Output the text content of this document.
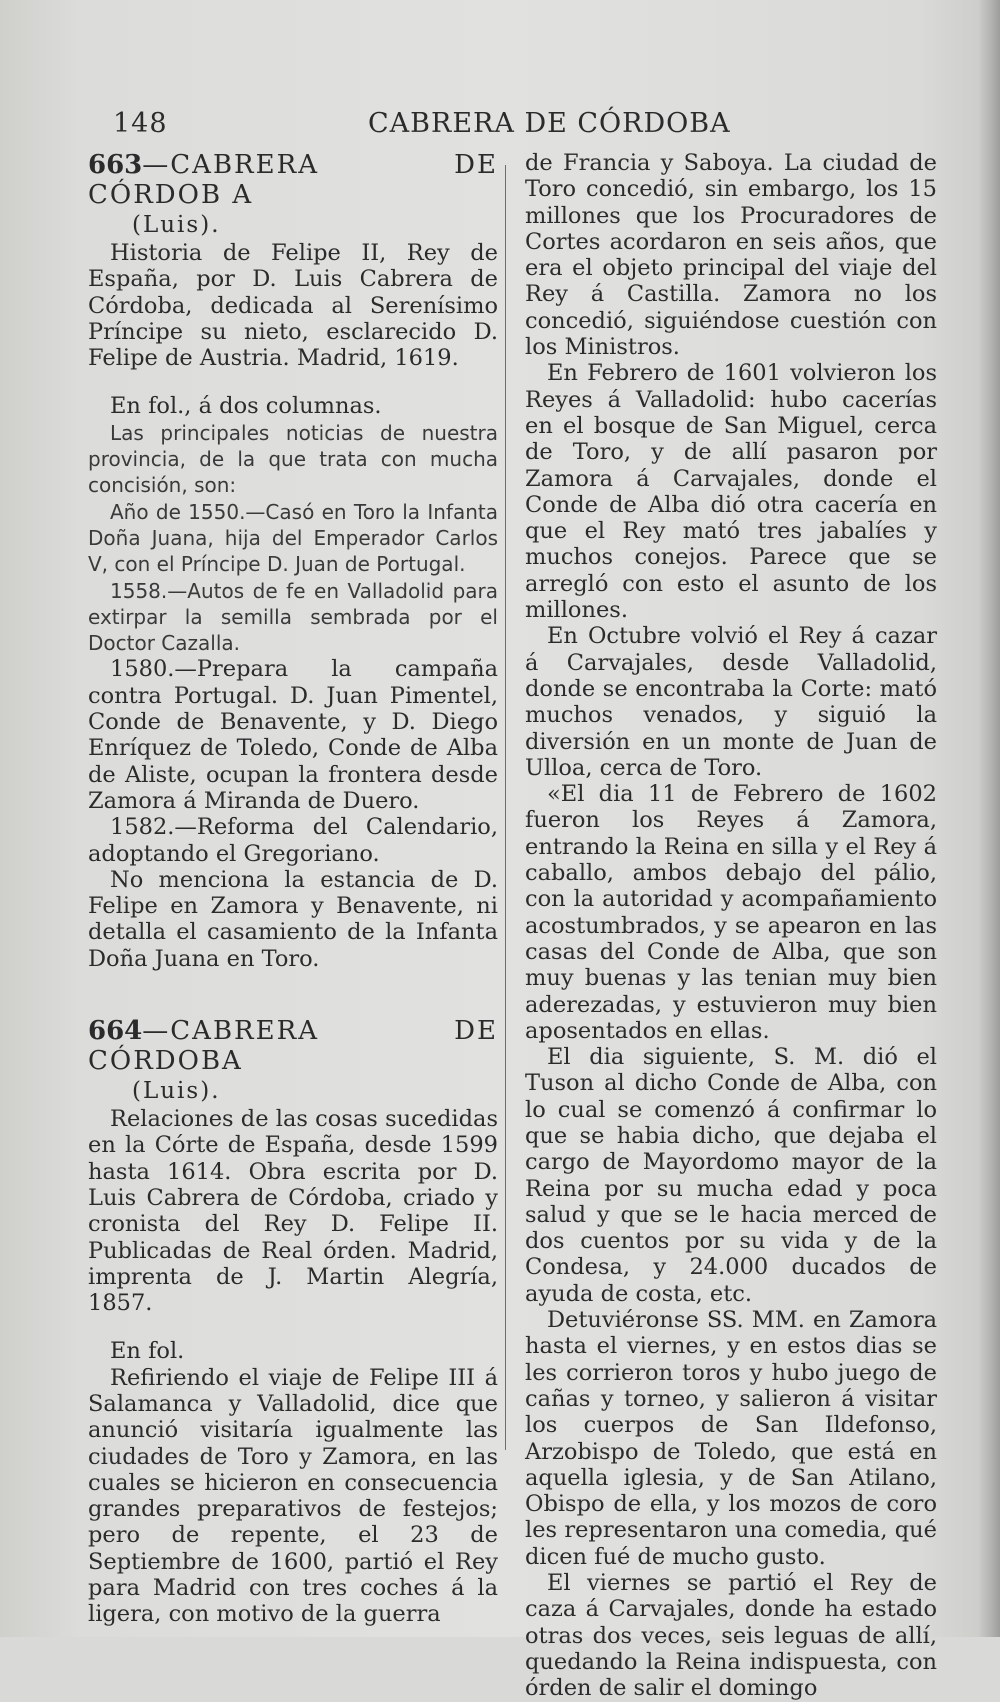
148	CABRERA DE CÓRDOBA
663—CABRERA DE CÓRDOB A
(Luis).

Historia de Felipe II, Rey de España, por D. Luis Cabrera de Córdoba, dedicada al Serenísimo Príncipe su nieto, esclarecido D. Felipe de Austria. Madrid, 1619.

En fol., á dos columnas.

Las principales noticias de nuestra provincia, de la que trata con mucha concisión, son:

Año de 1550.—Casó en Toro la Infanta Doña Juana, hija del Emperador Carlos V, con el Príncipe D. Juan de Portugal.

1558.—Autos de fe en Valladolid para extirpar la semilla sembrada por el Doctor Cazalla.

1580.—Prepara la campaña contra Portugal. D. Juan Pimentel, Conde de Benavente, y D. Diego Enríquez de Toledo, Conde de Alba de Aliste, ocupan la frontera desde Zamora á Miranda de Duero.

1582.—Reforma del Calendario, adoptando el Gregoriano.

No menciona la estancia de D. Felipe en Zamora y Benavente, ni detalla el casamiento de la Infanta Doña Juana en Toro.

664—CABRERA DE CÓRDOBA
(Luis).

Relaciones de las cosas sucedidas en la Córte de España, desde 1599 hasta 1614. Obra escrita por D. Luis Cabrera de Córdoba, criado y cronista del Rey D. Felipe II. Publicadas de Real órden. Madrid, imprenta de J. Martin Alegría, 1857.

En fol.

Refiriendo el viaje de Felipe III á Salamanca y Valladolid, dice que anunció visitaría igualmente las ciudades de Toro y Zamora, en las cuales se hicieron en consecuencia grandes preparativos de festejos; pero de repente, el 23 de Septiembre de 1600, partió el Rey para Madrid con tres coches á la ligera, con motivo de la guerra

de Francia y Saboya. La ciudad de Toro concedió, sin embargo, los 15 millones que los Procuradores de Cortes acordaron en seis años, que era el objeto principal del viaje del Rey á Castilla. Zamora no los concedió, siguiéndose cuestión con los Ministros.

En Febrero de 1601 volvieron los Reyes á Valladolid: hubo cacerías en el bosque de San Miguel, cerca de Toro, y de allí pasaron por Zamora á Carvajales, donde el Conde de Alba dió otra cacería en que el Rey mató tres jabalíes y muchos conejos. Parece que se arregló con esto el asunto de los millones.

En Octubre volvió el Rey á cazar á Carvajales, desde Valladolid, donde se encontraba la Corte: mató muchos venados, y siguió la diversión en un monte de Juan de Ulloa, cerca de Toro.

«El dia 11 de Febrero de 1602 fueron los Reyes á Zamora, entrando la Reina en silla y el Rey á caballo, ambos debajo del pálio, con la autoridad y acompañamiento acostumbrados, y se apearon en las casas del Conde de Alba, que son muy buenas y las tenian muy bien aderezadas, y estuvieron muy bien aposentados en ellas.

El dia siguiente, S. M. dió el Tuson al dicho Conde de Alba, con lo cual se comenzó á confirmar lo que se habia dicho, que dejaba el cargo de Mayordomo mayor de la Reina por su mucha edad y poca salud y que se le hacia merced de dos cuentos por su vida y de la Condesa, y 24.000 ducados de ayuda de costa, etc.

Detuviéronse SS. MM. en Zamora hasta el viernes, y en estos dias se les corrieron toros y hubo juego de cañas y torneo, y salieron á visitar los cuerpos de San Ildefonso, Arzobispo de Toledo, que está en aquella iglesia, y de San Atilano, Obispo de ella, y los mozos de coro les representaron una comedia, qué dicen fué de mucho gusto.

El viernes se partió el Rey de caza á Carvajales, donde ha estado otras dos veces, seis leguas de allí, quedando la Reina indispuesta, con órden de salir el domingo
